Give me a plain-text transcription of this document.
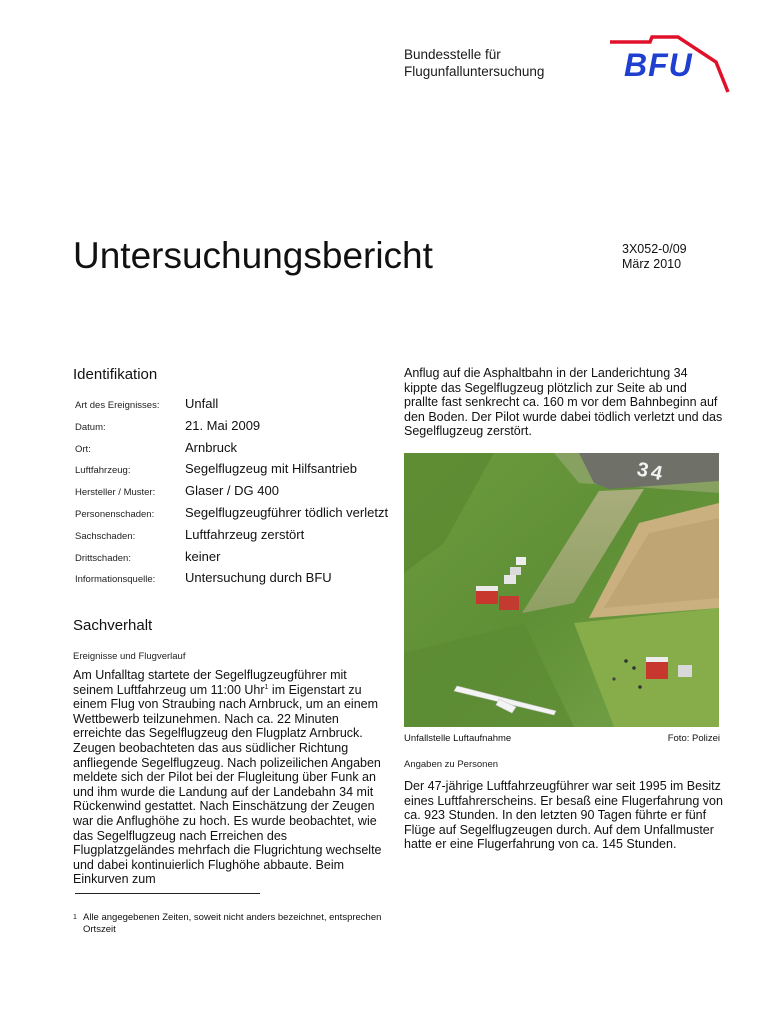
Bundesstelle für
Flugunfalluntersuchung BFU
Untersuchungsbericht	3X052-0/09
März 2010
Identifikation
Art des Ereignisses: Unfall
Datum:	21. Mai 2009
Ort:	Arnbruck
Luftfahrzeug:	Segelflugzeug mit Hilfsantrieb
Hersteller / Muster: Glaser / DG 400
Personenschaden: Segelflugzeugführer tödlich verletzt
Sachschaden:	Luftfahrzeug zerstört
Drittschaden:	keiner
Informationsquelle: Untersuchung durch BFU
Sachverhalt
Ereignisse und Flugverlauf

Am Unfalltag startete der Segelflugzeugführer mit seinem Luftfahrzeug um 11:00 Uhr$^1$ im Eigenstart zu einem Flug von Straubing nach Arnbruck, um an einem Wettbewerb teilzunehmen. Nach ca. 22 Minuten erreichte das Segelflugzeug den Flugplatz Arnbruck. Zeugen beobachteten das aus südlicher Richtung anfliegende Segelflugzeug. Nach polizeilichen Angaben meldete sich der Pilot bei der Flugleitung über Funk an und ihm wurde die Landung auf der Landebahn 34 mit Rückenwind gestattet. Nach Einschätzung der Zeugen war die Anflughöhe zu hoch. Es wurde beobachtet, wie das Segelflugzeug nach Erreichen des Flugplatzgeländes mehrfach die Flugrichtung wechselte und dabei kontinuierlich Flughöhe abbaute. Beim Einkurven zum

Anflug auf die Asphaltbahn in der Landerichtung 34 kippte das Segelflugzeug plötzlich zur Seite ab und prallte fast senkrecht ca. 160 m vor dem Bahnbeginn auf den Boden. Der Pilot wurde dabei tödlich verletzt und das Segelflugzeug zerstört.

34
Unfallstelle Luftaufnahme	Foto: Polizei
Angaben zu Personen

Der 47-jährige Luftfahrzeugführer war seit 1995 im Besitz eines Luftfahrerscheins. Er besaß eine Flugerfahrung von ca. 923 Stunden. In den letzten 90 Tagen führte er fünf Flüge auf Segelflugzeugen durch. Auf dem Unfallmuster hatte er eine Flugerfahrung von ca. 145 Stunden.

1 Alle angegebenen Zeiten, soweit nicht anders bezeichnet, entsprechen Ortszeit
